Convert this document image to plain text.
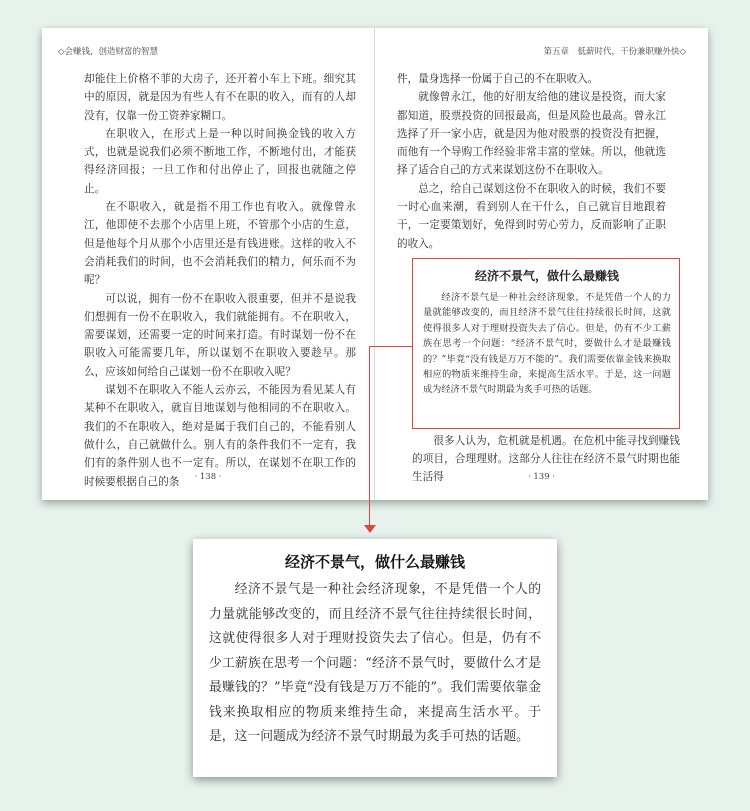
◇会赚钱，创造财富的智慧

却能住上价格不菲的大房子，还开着小车上下班。细究其中的原因，就是因为有些人有不在职的收入，而有的人却没有，仅靠一份工资养家糊口。

在职收入，在形式上是一种以时间换金钱的收入方式，也就是说我们必须不断地工作，不断地付出，才能获得经济回报；一旦工作和付出停止了，回报也就随之停止。

在不职收入，就是指不用工作也有收入。就像曾永江，他即使不去那个小店里上班，不管那个小店的生意，但是他每个月从那个小店里还是有钱进账。这样的收入不会消耗我们的时间，也不会消耗我们的精力，何乐而不为呢？

可以说，拥有一份不在职收入很重要，但并不是说我们想拥有一份不在职收入，我们就能拥有。不在职收入，需要谋划，还需要一定的时间来打造。有时谋划一份不在职收入可能需要几年，所以谋划不在职收入要趁早。那么，应该如何给自己谋划一份不在职收入呢？

谋划不在职收入不能人云亦云，不能因为看见某人有某种不在职收入，就盲目地谋划与他相同的不在职收入。我们的不在职收入，绝对是属于我们自己的，不能看别人做什么，自己就做什么。别人有的条件我们不一定有，我们有的条件别人也不一定有。所以，在谋划不在职工作的时候要根据自己的条	· 138 ·
第五章　低薪时代，干份兼职赚外快◇

件，量身选择一份属于自己的不在职收入。

就像曾永江，他的好朋友给他的建议是投资，而大家都知道，股票投资的回报最高，但是风险也最高。曾永江选择了开一家小店，就是因为他对股票的投资没有把握，而他有一个导购工作经验非常丰富的堂妹。所以，他就选择了适合自己的方式来谋划这份不在职收入。

总之，给自己谋划这份不在职收入的时候，我们不要一时心血来潮，看到别人在干什么，自己就盲目地跟着干，一定要策划好，免得到时劳心劳力，反而影响了正职的收入。

· 139 ·
经济不景气，做什么最赚钱

经济不景气是一种社会经济现象，不是凭借一个人的力量就能够改变的，而且经济不景气往往持续很长时间，这就使得很多人对于理财投资失去了信心。但是，仍有不少工薪族在思考一个问题：“经济不景气时，要做什么才是最赚钱的？”毕竟“没有钱是万万不能的”。我们需要依靠金钱来换取相应的物质来维持生命，来提高生活水平。于是，这一问题成为经济不景气时期最为炙手可热的话题。

很多人认为，危机就是机遇。在危机中能寻找到赚钱的项目，合理理财。这部分人往往在经济不景气时期也能生活得

经济不景气，做什么最赚钱

经济不景气是一种社会经济现象，不是凭借一个人的力量就能够改变的，而且经济不景气往往持续很长时间，这就使得很多人对于理财投资失去了信心。但是，仍有不少工薪族在思考一个问题：“经济不景气时，要做什么才是最赚钱的？”毕竟“没有钱是万万不能的”。我们需要依靠金钱来换取相应的物质来维持生命，来提高生活水平。于是，这一问题成为经济不景气时期最为炙手可热的话题。
